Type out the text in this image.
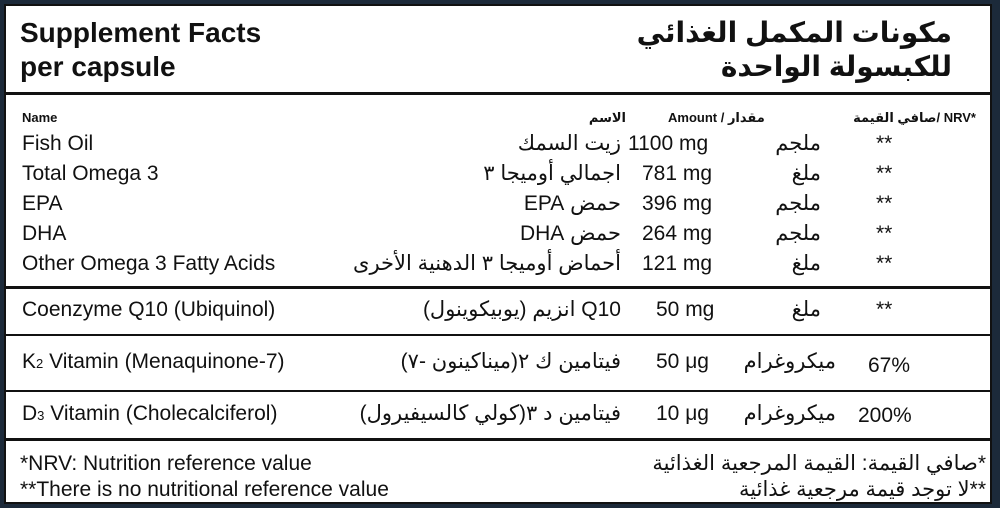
Supplement Facts
per capsule
مكونات المكمل الغذائي
للكبسولة الواحدة
Name	الاسم	Amount / مقدار	صافي القيمة/ NRV*
Fish Oil	زيت السمك 1100 mg	ملجم	**
Total Omega 3	اجمالي أوميجا ٣ 781 mg	ملغ	**
EPA	حمض EPA 396 mg	ملجم	**
DHA	حمض DHA 264 mg	ملجم	**
Other Omega 3 Fatty Acids	أحماض أوميجا ٣ الدهنية الأخرى 121 mg	ملغ	**
Coenzyme Q10 (Ubiquinol)	Q10 انزيم (يوبيكوينول) 50 mg	ملغ	**
K2 Vitamin (Menaquinone-7)	فيتامين ك ٢(ميناكينون -٧) 50 μg	ميكروغرام 67%
D3 Vitamin (Cholecalciferol)	فيتامين د ٣(كولي كالسيفيرول) 10 μg	ميكروغرام 200%
*NRV: Nutrition reference value	*صافي القيمة: القيمة المرجعية الغذائية
**There is no nutritional reference value	**لا توجد قيمة مرجعية غذائية
